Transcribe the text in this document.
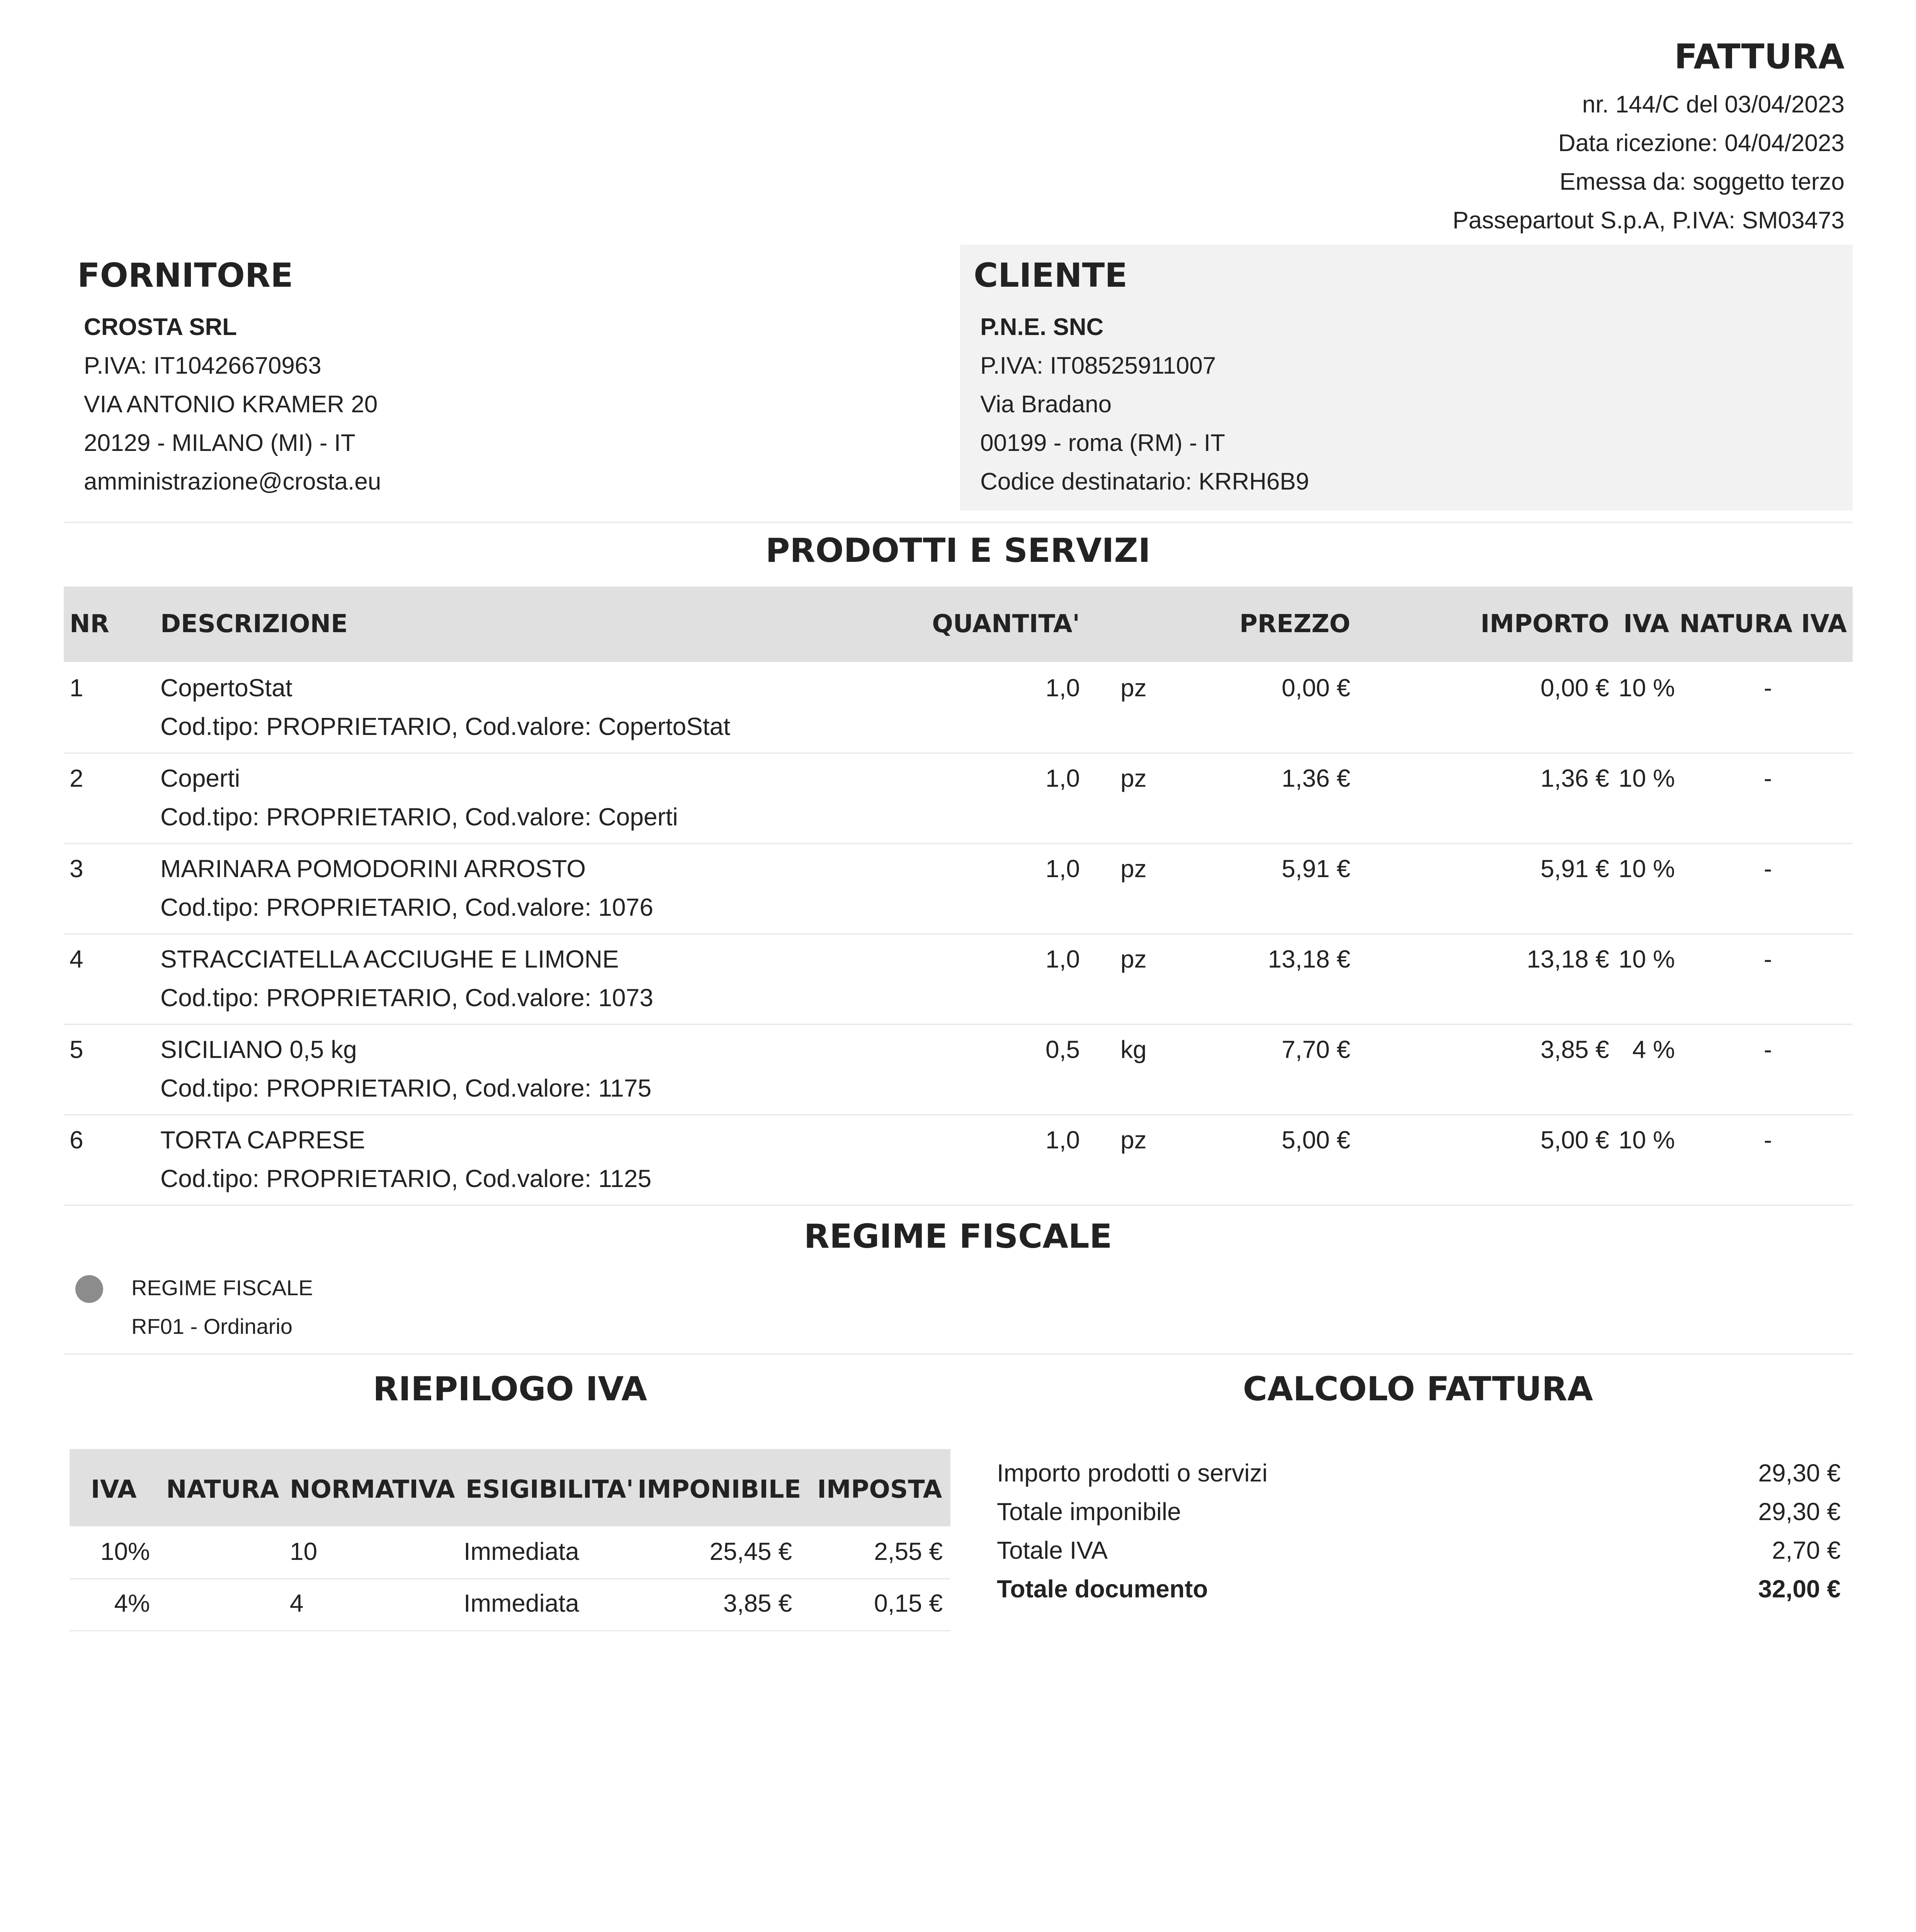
FATTURA
nr. 144/C del 03/04/2023
Data ricezione: 04/04/2023
Emessa da: soggetto terzo
Passepartout S.p.A, P.IVA: SM03473
FORNITORE
CROSTA SRL
P.IVA: IT10426670963
VIA ANTONIO KRAMER 20
20129 - MILANO (MI) - IT
amministrazione@crosta.eu
CLIENTE
P.N.E. SNC
P.IVA: IT08525911007
Via Bradano
00199 - roma (RM) - IT
Codice destinatario: KRRH6B9
PRODOTTI E SERVIZI
NR DESCRIZIONE	QUANTITA'	PREZZO	IMPORTO IVA NATURA IVA
1	CopertoStat
Cod.tipo: PROPRIETARIO, Cod.valore: CopertoStat
1,0 pz	0,00 €	0,00 € 10 %	-
2	Coperti
Cod.tipo: PROPRIETARIO, Cod.valore: Coperti
1,0 pz	1,36 €	1,36 € 10 %	-
3	MARINARA POMODORINI ARROSTO
Cod.tipo: PROPRIETARIO, Cod.valore: 1076
1,0 pz	5,91 €	5,91 € 10 %	-
4	STRACCIATELLA ACCIUGHE E LIMONE
Cod.tipo: PROPRIETARIO, Cod.valore: 1073
1,0 pz	13,18 €	13,18 € 10 %	-
5	SICILIANO 0,5 kg
Cod.tipo: PROPRIETARIO, Cod.valore: 1175
0,5 kg	7,70 €	3,85 € 4 %	-
6	TORTA CAPRESE
Cod.tipo: PROPRIETARIO, Cod.valore: 1125
1,0 pz	5,00 €	5,00 € 10 %	-
REGIME FISCALE
REGIME FISCALE
RF01 - Ordinario
RIEPILOGO IVA
IVA NATURA NORMATIVA ESIGIBILITA' IMPONIBILE IMPOSTA
10%	10	Immediata	25,45 €	2,55 €
4%	4	Immediata	3,85 €	0,15 €
CALCOLO FATTURA
Importo prodotti o servizi	29,30 €
Totale imponibile	29,30 €
Totale IVA	2,70 €
Totale documento	32,00 €
